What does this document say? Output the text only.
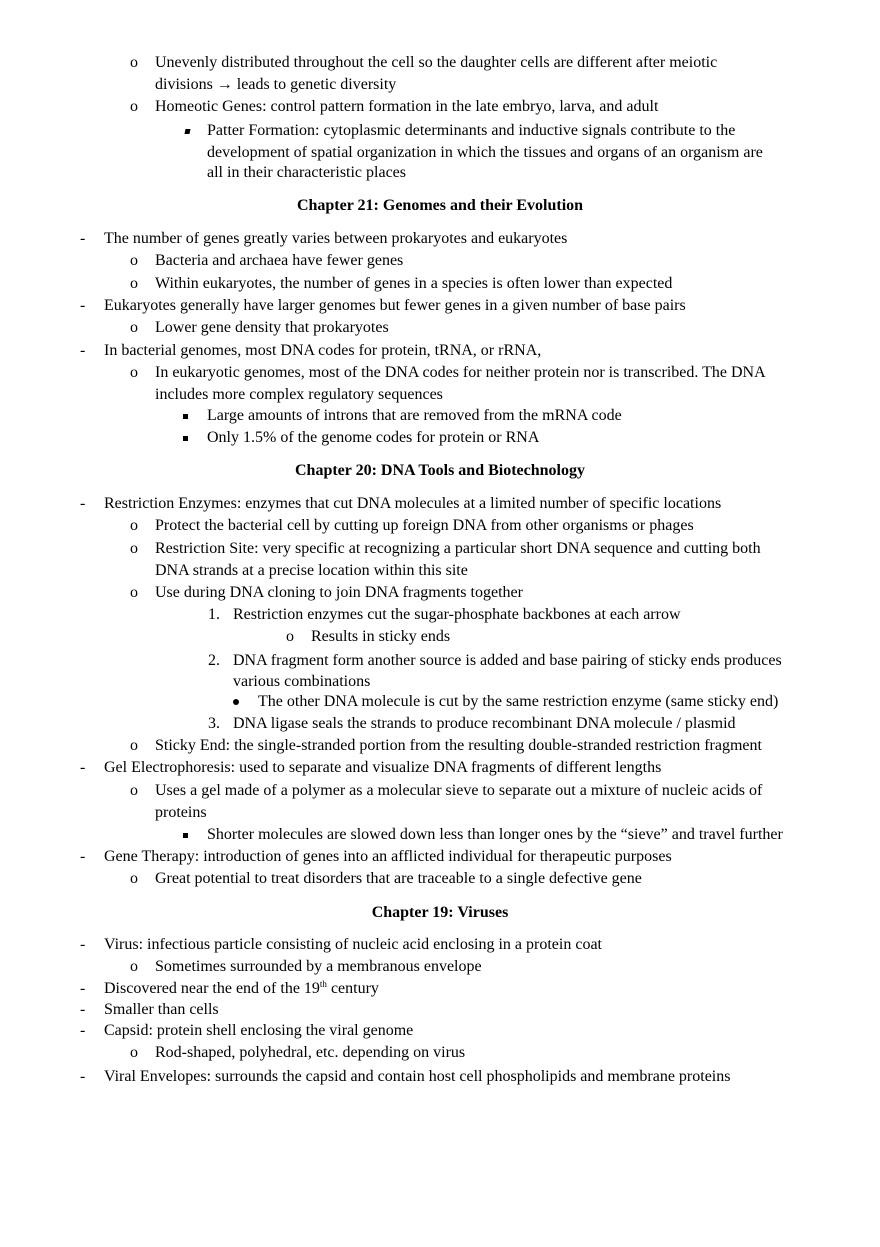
o Unevenly distributed throughout the cell so the daughter cells are different after meiotic
divisions → leads to genetic diversity
o Homeotic Genes: control pattern formation in the late embryo, larva, and adult
Patter Formation: cytoplasmic determinants and inductive signals contribute to the
development of spatial organization in which the tissues and organs of an organism are
all in their characteristic places
Chapter 21: Genomes and their Evolution
- The number of genes greatly varies between prokaryotes and eukaryotes
o Bacteria and archaea have fewer genes
o Within eukaryotes, the number of genes in a species is often lower than expected
- Eukaryotes generally have larger genomes but fewer genes in a given number of base pairs
o Lower gene density that prokaryotes
- In bacterial genomes, most DNA codes for protein, tRNA, or rRNA,
o In eukaryotic genomes, most of the DNA codes for neither protein nor is transcribed. The DNA
includes more complex regulatory sequences
Large amounts of introns that are removed from the mRNA code
Only 1.5% of the genome codes for protein or RNA
Chapter 20: DNA Tools and Biotechnology
- Restriction Enzymes: enzymes that cut DNA molecules at a limited number of specific locations
o Protect the bacterial cell by cutting up foreign DNA from other organisms or phages
o Restriction Site: very specific at recognizing a particular short DNA sequence and cutting both
DNA strands at a precise location within this site
o Use during DNA cloning to join DNA fragments together
1. Restriction enzymes cut the sugar-phosphate backbones at each arrow
o Results in sticky ends
2. DNA fragment form another source is added and base pairing of sticky ends produces
various combinations
The other DNA molecule is cut by the same restriction enzyme (same sticky end)
3. DNA ligase seals the strands to produce recombinant DNA molecule / plasmid
o Sticky End: the single-stranded portion from the resulting double-stranded restriction fragment
- Gel Electrophoresis: used to separate and visualize DNA fragments of different lengths
o Uses a gel made of a polymer as a molecular sieve to separate out a mixture of nucleic acids of
proteins
Shorter molecules are slowed down less than longer ones by the “sieve” and travel further
- Gene Therapy: introduction of genes into an afflicted individual for therapeutic purposes
o Great potential to treat disorders that are traceable to a single defective gene
Chapter 19: Viruses
- Virus: infectious particle consisting of nucleic acid enclosing in a protein coat
o Sometimes surrounded by a membranous envelope
- Discovered near the end of the 19th century
- Smaller than cells
- Capsid: protein shell enclosing the viral genome
o Rod-shaped, polyhedral, etc. depending on virus
- Viral Envelopes: surrounds the capsid and contain host cell phospholipids and membrane proteins
